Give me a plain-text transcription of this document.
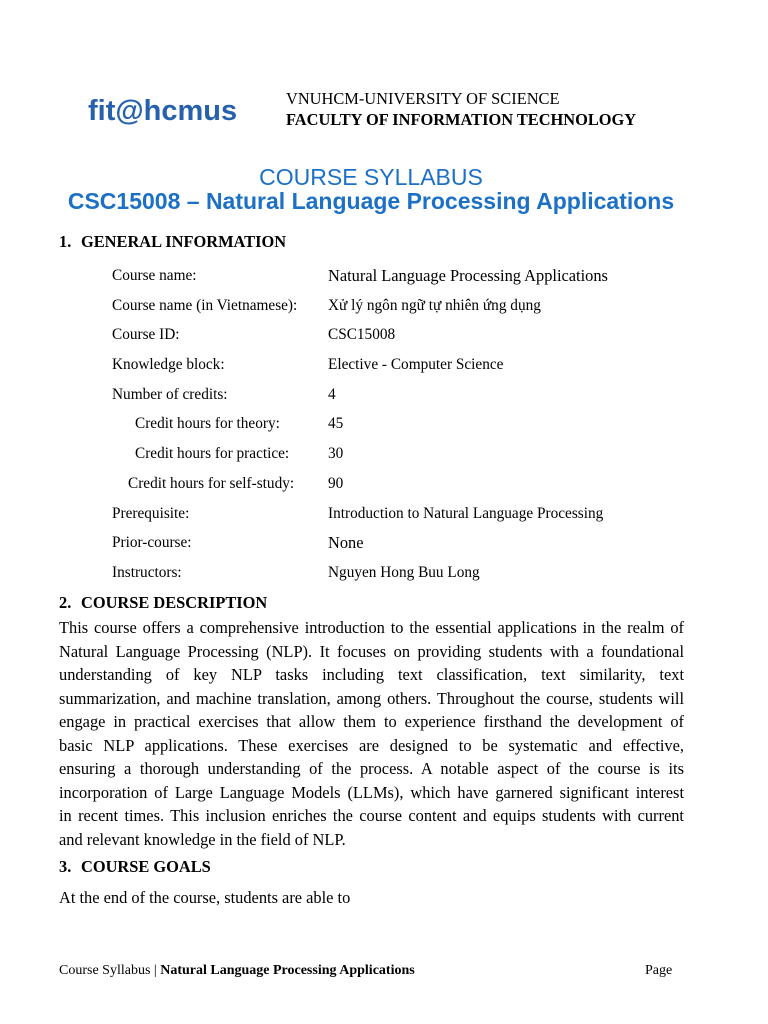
fit@hcmus	VNUHCM-UNIVERSITY OF SCIENCE
FACULTY OF INFORMATION TECHNOLOGY
COURSE SYLLABUS
CSC15008 – Natural Language Processing Applications
1. GENERAL INFORMATION
Course name:	Natural Language Processing Applications
Course name (in Vietnamese): Xử lý ngôn ngữ tự nhiên ứng dụng
Course ID:	CSC15008
Knowledge block:	Elective - Computer Science
Number of credits:	4
Credit hours for theory:	45
Credit hours for practice:	30
Credit hours for self-study: 90
Prerequisite:	Introduction to Natural Language Processing
Prior-course:	None
Instructors:	Nguyen Hong Buu Long
2. COURSE DESCRIPTION
This course offers a comprehensive introduction to the essential applications in the realm of
Natural Language Processing (NLP). It focuses on providing students with a foundational
understanding of key NLP tasks including text classification, text similarity, text
summarization, and machine translation, among others. Throughout the course, students will
engage in practical exercises that allow them to experience firsthand the development of
basic NLP applications. These exercises are designed to be systematic and effective,
ensuring a thorough understanding of the process. A notable aspect of the course is its
incorporation of Large Language Models (LLMs), which have garnered significant interest
in recent times. This inclusion enriches the course content and equips students with current
and relevant knowledge in the field of NLP.
3. COURSE GOALS
At the end of the course, students are able to
Course Syllabus | Natural Language Processing Applications	Page
